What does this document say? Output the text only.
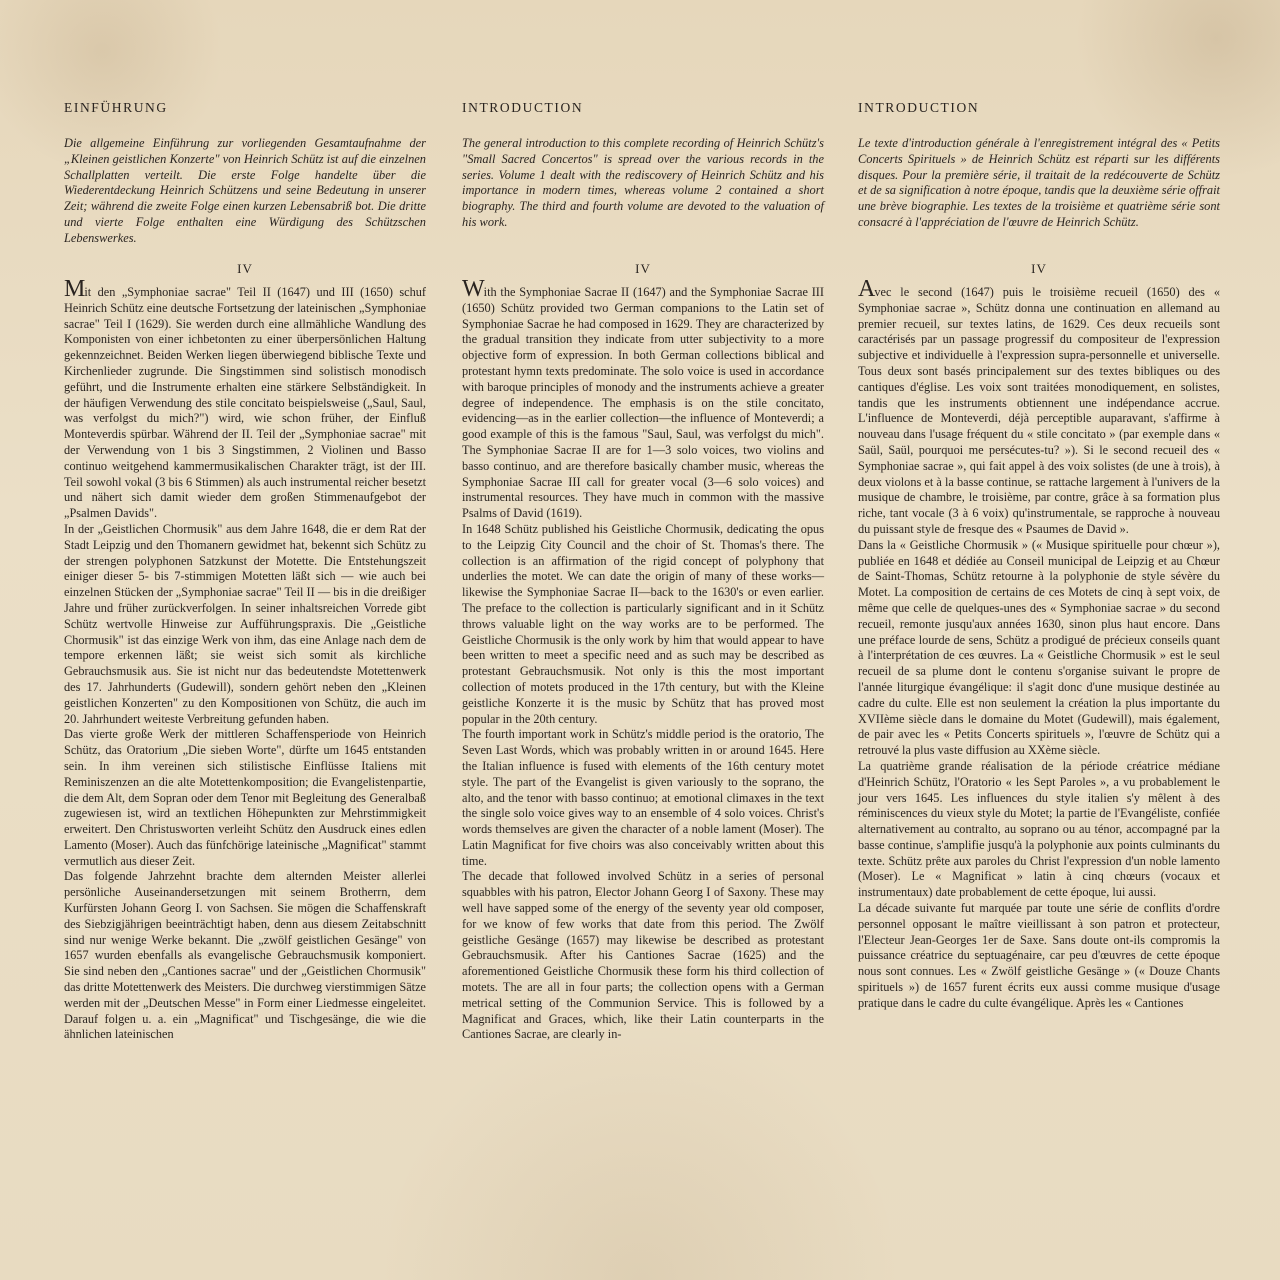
EINFÜHRUNG

Die allgemeine Einführung zur vorliegenden Gesamtaufnahme der „Kleinen geistlichen Konzerte" von Heinrich Schütz ist auf die einzelnen Schallplatten verteilt. Die erste Folge handelte über die Wiederentdeckung Heinrich Schützens und seine Bedeutung in unserer Zeit; während die zweite Folge einen kurzen Lebensabriß bot. Die dritte und vierte Folge enthalten eine Würdigung des Schützschen Lebenswerkes.

IV

Mit den „Symphoniae sacrae" Teil II (1647) und III (1650) schuf Heinrich Schütz eine deutsche Fortsetzung der lateinischen „Symphoniae sacrae" Teil I (1629). Sie werden durch eine allmähliche Wandlung des Komponisten von einer ichbetonten zu einer überpersönlichen Haltung gekennzeichnet. Beiden Werken liegen überwiegend biblische Texte und Kirchenlieder zugrunde. Die Singstimmen sind solistisch monodisch geführt, und die Instrumente erhalten eine stärkere Selbständigkeit. In der häufigen Verwendung des stile concitato beispielsweise („Saul, Saul, was verfolgst du mich?") wird, wie schon früher, der Einfluß Monteverdis spürbar. Während der II. Teil der „Symphoniae sacrae" mit der Verwendung von 1 bis 3 Singstimmen, 2 Violinen und Basso continuo weitgehend kammermusikalischen Charakter trägt, ist der III. Teil sowohl vokal (3 bis 6 Stimmen) als auch instrumental reicher besetzt und nähert sich damit wieder dem großen Stimmenaufgebot der „Psalmen Davids".

In der „Geistlichen Chormusik" aus dem Jahre 1648, die er dem Rat der Stadt Leipzig und den Thomanern gewidmet hat, bekennt sich Schütz zu der strengen polyphonen Satzkunst der Motette. Die Entstehungszeit einiger dieser 5- bis 7-stimmigen Motetten läßt sich — wie auch bei einzelnen Stücken der „Symphoniae sacrae" Teil II — bis in die dreißiger Jahre und früher zurückverfolgen. In seiner inhaltsreichen Vorrede gibt Schütz wertvolle Hinweise zur Aufführungspraxis. Die „Geistliche Chormusik" ist das einzige Werk von ihm, das eine Anlage nach dem de tempore erkennen läßt; sie weist sich somit als kirchliche Gebrauchsmusik aus. Sie ist nicht nur das bedeutendste Motettenwerk des 17. Jahrhunderts (Gudewill), sondern gehört neben den „Kleinen geistlichen Konzerten" zu den Kompositionen von Schütz, die auch im 20. Jahrhundert weiteste Verbreitung gefunden haben.

Das vierte große Werk der mittleren Schaffensperiode von Heinrich Schütz, das Oratorium „Die sieben Worte", dürfte um 1645 entstanden sein. In ihm vereinen sich stilistische Einflüsse Italiens mit Reminiszenzen an die alte Motettenkomposition; die Evangelistenpartie, die dem Alt, dem Sopran oder dem Tenor mit Begleitung des Generalbaß zugewiesen ist, wird an textlichen Höhepunkten zur Mehrstimmigkeit erweitert. Den Christusworten verleiht Schütz den Ausdruck eines edlen Lamento (Moser). Auch das fünfchörige lateinische „Magnificat" stammt vermutlich aus dieser Zeit.

Das folgende Jahrzehnt brachte dem alternden Meister allerlei persönliche Auseinandersetzungen mit seinem Brotherrn, dem Kurfürsten Johann Georg I. von Sachsen. Sie mögen die Schaffenskraft des Siebzigjährigen beeinträchtigt haben, denn aus diesem Zeitabschnitt sind nur wenige Werke bekannt. Die „zwölf geistlichen Gesänge" von 1657 wurden ebenfalls als evangelische Gebrauchsmusik komponiert. Sie sind neben den „Cantiones sacrae" und der „Geistlichen Chormusik" das dritte Motettenwerk des Meisters. Die durchweg vierstimmigen Sätze werden mit der „Deutschen Messe" in Form einer Liedmesse eingeleitet. Darauf folgen u. a. ein „Magnificat" und Tischgesänge, die wie die ähnlichen lateinischen

INTRODUCTION

The general introduction to this complete recording of Heinrich Schütz's "Small Sacred Concertos" is spread over the various records in the series. Volume 1 dealt with the rediscovery of Heinrich Schütz and his importance in modern times, whereas volume 2 contained a short biography. The third and fourth volume are devoted to the valuation of his work.

IV

With the Symphoniae Sacrae II (1647) and the Symphoniae Sacrae III (1650) Schütz provided two German companions to the Latin set of Symphoniae Sacrae he had composed in 1629. They are characterized by the gradual transition they indicate from utter subjectivity to a more objective form of expression. In both German collections biblical and protestant hymn texts predominate. The solo voice is used in accordance with baroque principles of monody and the instruments achieve a greater degree of independence. The emphasis is on the stile concitato, evidencing—as in the earlier collection—the influence of Monteverdi; a good example of this is the famous "Saul, Saul, was verfolgst du mich". The Symphoniae Sacrae II are for 1—3 solo voices, two violins and basso continuo, and are therefore basically chamber music, whereas the Symphoniae Sacrae III call for greater vocal (3—6 solo voices) and instrumental resources. They have much in common with the massive Psalms of David (1619).

In 1648 Schütz published his Geistliche Chormusik, dedicating the opus to the Leipzig City Council and the choir of St. Thomas's there. The collection is an affirmation of the rigid concept of polyphony that underlies the motet. We can date the origin of many of these works—likewise the Symphoniae Sacrae II—back to the 1630's or even earlier. The preface to the collection is particularly significant and in it Schütz throws valuable light on the way works are to be performed. The Geistliche Chormusik is the only work by him that would appear to have been written to meet a specific need and as such may be described as protestant Gebrauchsmusik. Not only is this the most important collection of motets produced in the 17th century, but with the Kleine geistliche Konzerte it is the music by Schütz that has proved most popular in the 20th century.

The fourth important work in Schütz's middle period is the oratorio, The Seven Last Words, which was probably written in or around 1645. Here the Italian influence is fused with elements of the 16th century motet style. The part of the Evangelist is given variously to the soprano, the alto, and the tenor with basso continuo; at emotional climaxes in the text the single solo voice gives way to an ensemble of 4 solo voices. Christ's words themselves are given the character of a noble lament (Moser). The Latin Magnificat for five choirs was also conceivably written about this time.

The decade that followed involved Schütz in a series of personal squabbles with his patron, Elector Johann Georg I of Saxony. These may well have sapped some of the energy of the seventy year old composer, for we know of few works that date from this period. The Zwölf geistliche Gesänge (1657) may likewise be described as protestant Gebrauchsmusik. After his Cantiones Sacrae (1625) and the aforementioned Geistliche Chormusik these form his third collection of motets. The are all in four parts; the collection opens with a German metrical setting of the Communion Service. This is followed by a Magnificat and Graces, which, like their Latin counterparts in the Cantiones Sacrae, are clearly in-

INTRODUCTION

Le texte d'introduction générale à l'enregistrement intégral des « Petits Concerts Spirituels » de Heinrich Schütz est réparti sur les différents disques. Pour la première série, il traitait de la redécouverte de Schütz et de sa signification à notre époque, tandis que la deuxième série offrait une brève biographie. Les textes de la troisième et quatrième série sont consacré à l'appréciation de l'œuvre de Heinrich Schütz.

IV

Avec le second (1647) puis le troisième recueil (1650) des « Symphoniae sacrae », Schütz donna une continuation en allemand au premier recueil, sur textes latins, de 1629. Ces deux recueils sont caractérisés par un passage progressif du compositeur de l'expression subjective et individuelle à l'expression supra-personnelle et universelle. Tous deux sont basés principalement sur des textes bibliques ou des cantiques d'église. Les voix sont traitées monodiquement, en solistes, tandis que les instruments obtiennent une indépendance accrue. L'influence de Monteverdi, déjà perceptible auparavant, s'affirme à nouveau dans l'usage fréquent du « stile concitato » (par exemple dans « Saül, Saül, pourquoi me persécutes-tu? »). Si le second recueil des « Symphoniae sacrae », qui fait appel à des voix solistes (de une à trois), à deux violons et à la basse continue, se rattache largement à l'univers de la musique de chambre, le troisième, par contre, grâce à sa formation plus riche, tant vocale (3 à 6 voix) qu'instrumentale, se rapproche à nouveau du puissant style de fresque des « Psaumes de David ».

Dans la « Geistliche Chormusik » (« Musique spirituelle pour chœur »), publiée en 1648 et dédiée au Conseil municipal de Leipzig et au Chœur de Saint-Thomas, Schütz retourne à la polyphonie de style sévère du Motet. La composition de certains de ces Motets de cinq à sept voix, de même que celle de quelques-unes des « Symphoniae sacrae » du second recueil, remonte jusqu'aux années 1630, sinon plus haut encore. Dans une préface lourde de sens, Schütz a prodigué de précieux conseils quant à l'interprétation de ces œuvres. La « Geistliche Chormusik » est le seul recueil de sa plume dont le contenu s'organise suivant le propre de l'année liturgique évangélique: il s'agit donc d'une musique destinée au cadre du culte. Elle est non seulement la création la plus importante du XVIIème siècle dans le domaine du Motet (Gudewill), mais également, de pair avec les « Petits Concerts spirituels », l'œuvre de Schütz qui a retrouvé la plus vaste diffusion au XXème siècle.

La quatrième grande réalisation de la période créatrice médiane d'Heinrich Schütz, l'Oratorio « les Sept Paroles », a vu probablement le jour vers 1645. Les influences du style italien s'y mêlent à des réminiscences du vieux style du Motet; la partie de l'Evangéliste, confiée alternativement au contralto, au soprano ou au ténor, accompagné par la basse continue, s'amplifie jusqu'à la polyphonie aux points culminants du texte. Schütz prête aux paroles du Christ l'expression d'un noble lamento (Moser). Le « Magnificat » latin à cinq chœurs (vocaux et instrumentaux) date probablement de cette époque, lui aussi.

La décade suivante fut marquée par toute une série de conflits d'ordre personnel opposant le maître vieillissant à son patron et protecteur, l'Electeur Jean-Georges 1er de Saxe. Sans doute ont-ils compromis la puissance créatrice du septuagénaire, car peu d'œuvres de cette époque nous sont connues. Les « Zwölf geistliche Gesänge » (« Douze Chants spirituels ») de 1657 furent écrits eux aussi comme musique d'usage pratique dans le cadre du culte évangélique. Après les « Cantiones
